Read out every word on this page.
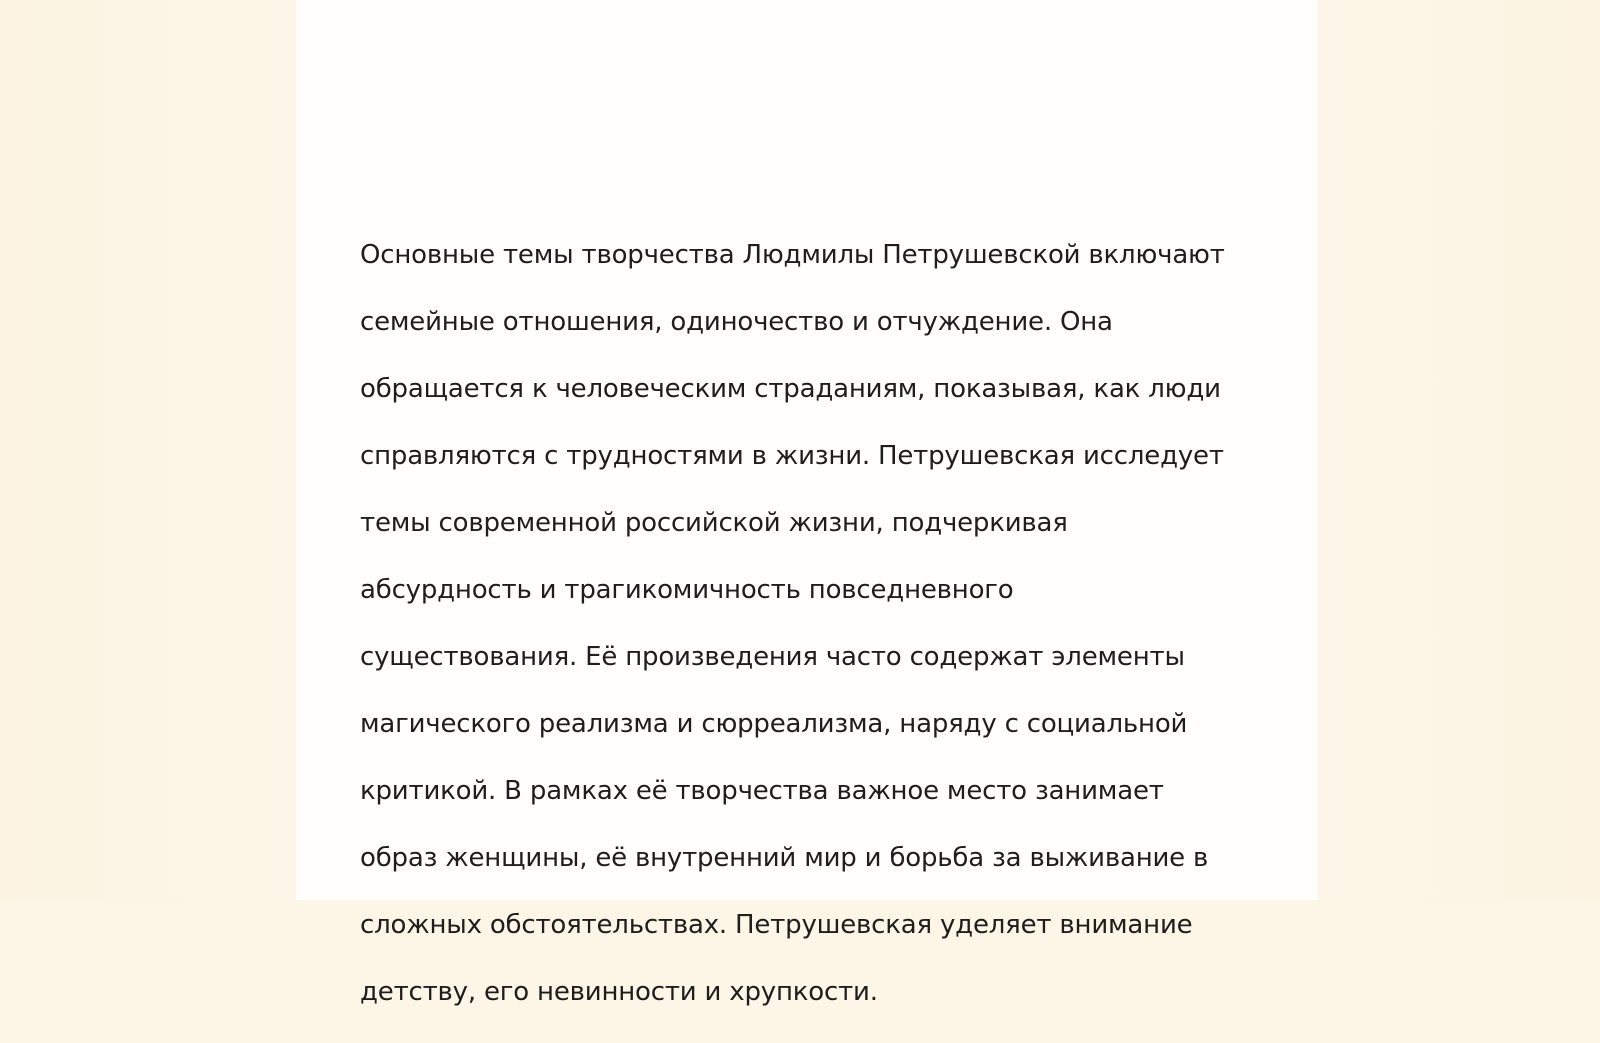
Основные темы творчества Людмилы Петрушевской включают

семейные отношения, одиночество и отчуждение. Она

обращается к человеческим страданиям, показывая, как люди

справляются с трудностями в жизни. Петрушевская исследует

темы современной российской жизни, подчеркивая

абсурдность и трагикомичность повседневного

существования. Её произведения часто содержат элементы

магического реализма и сюрреализма, наряду с социальной

критикой. В рамках её творчества важное место занимает

образ женщины, её внутренний мир и борьба за выживание в

сложных обстоятельствах. Петрушевская уделяет внимание

детству, его невинности и хрупкости.
